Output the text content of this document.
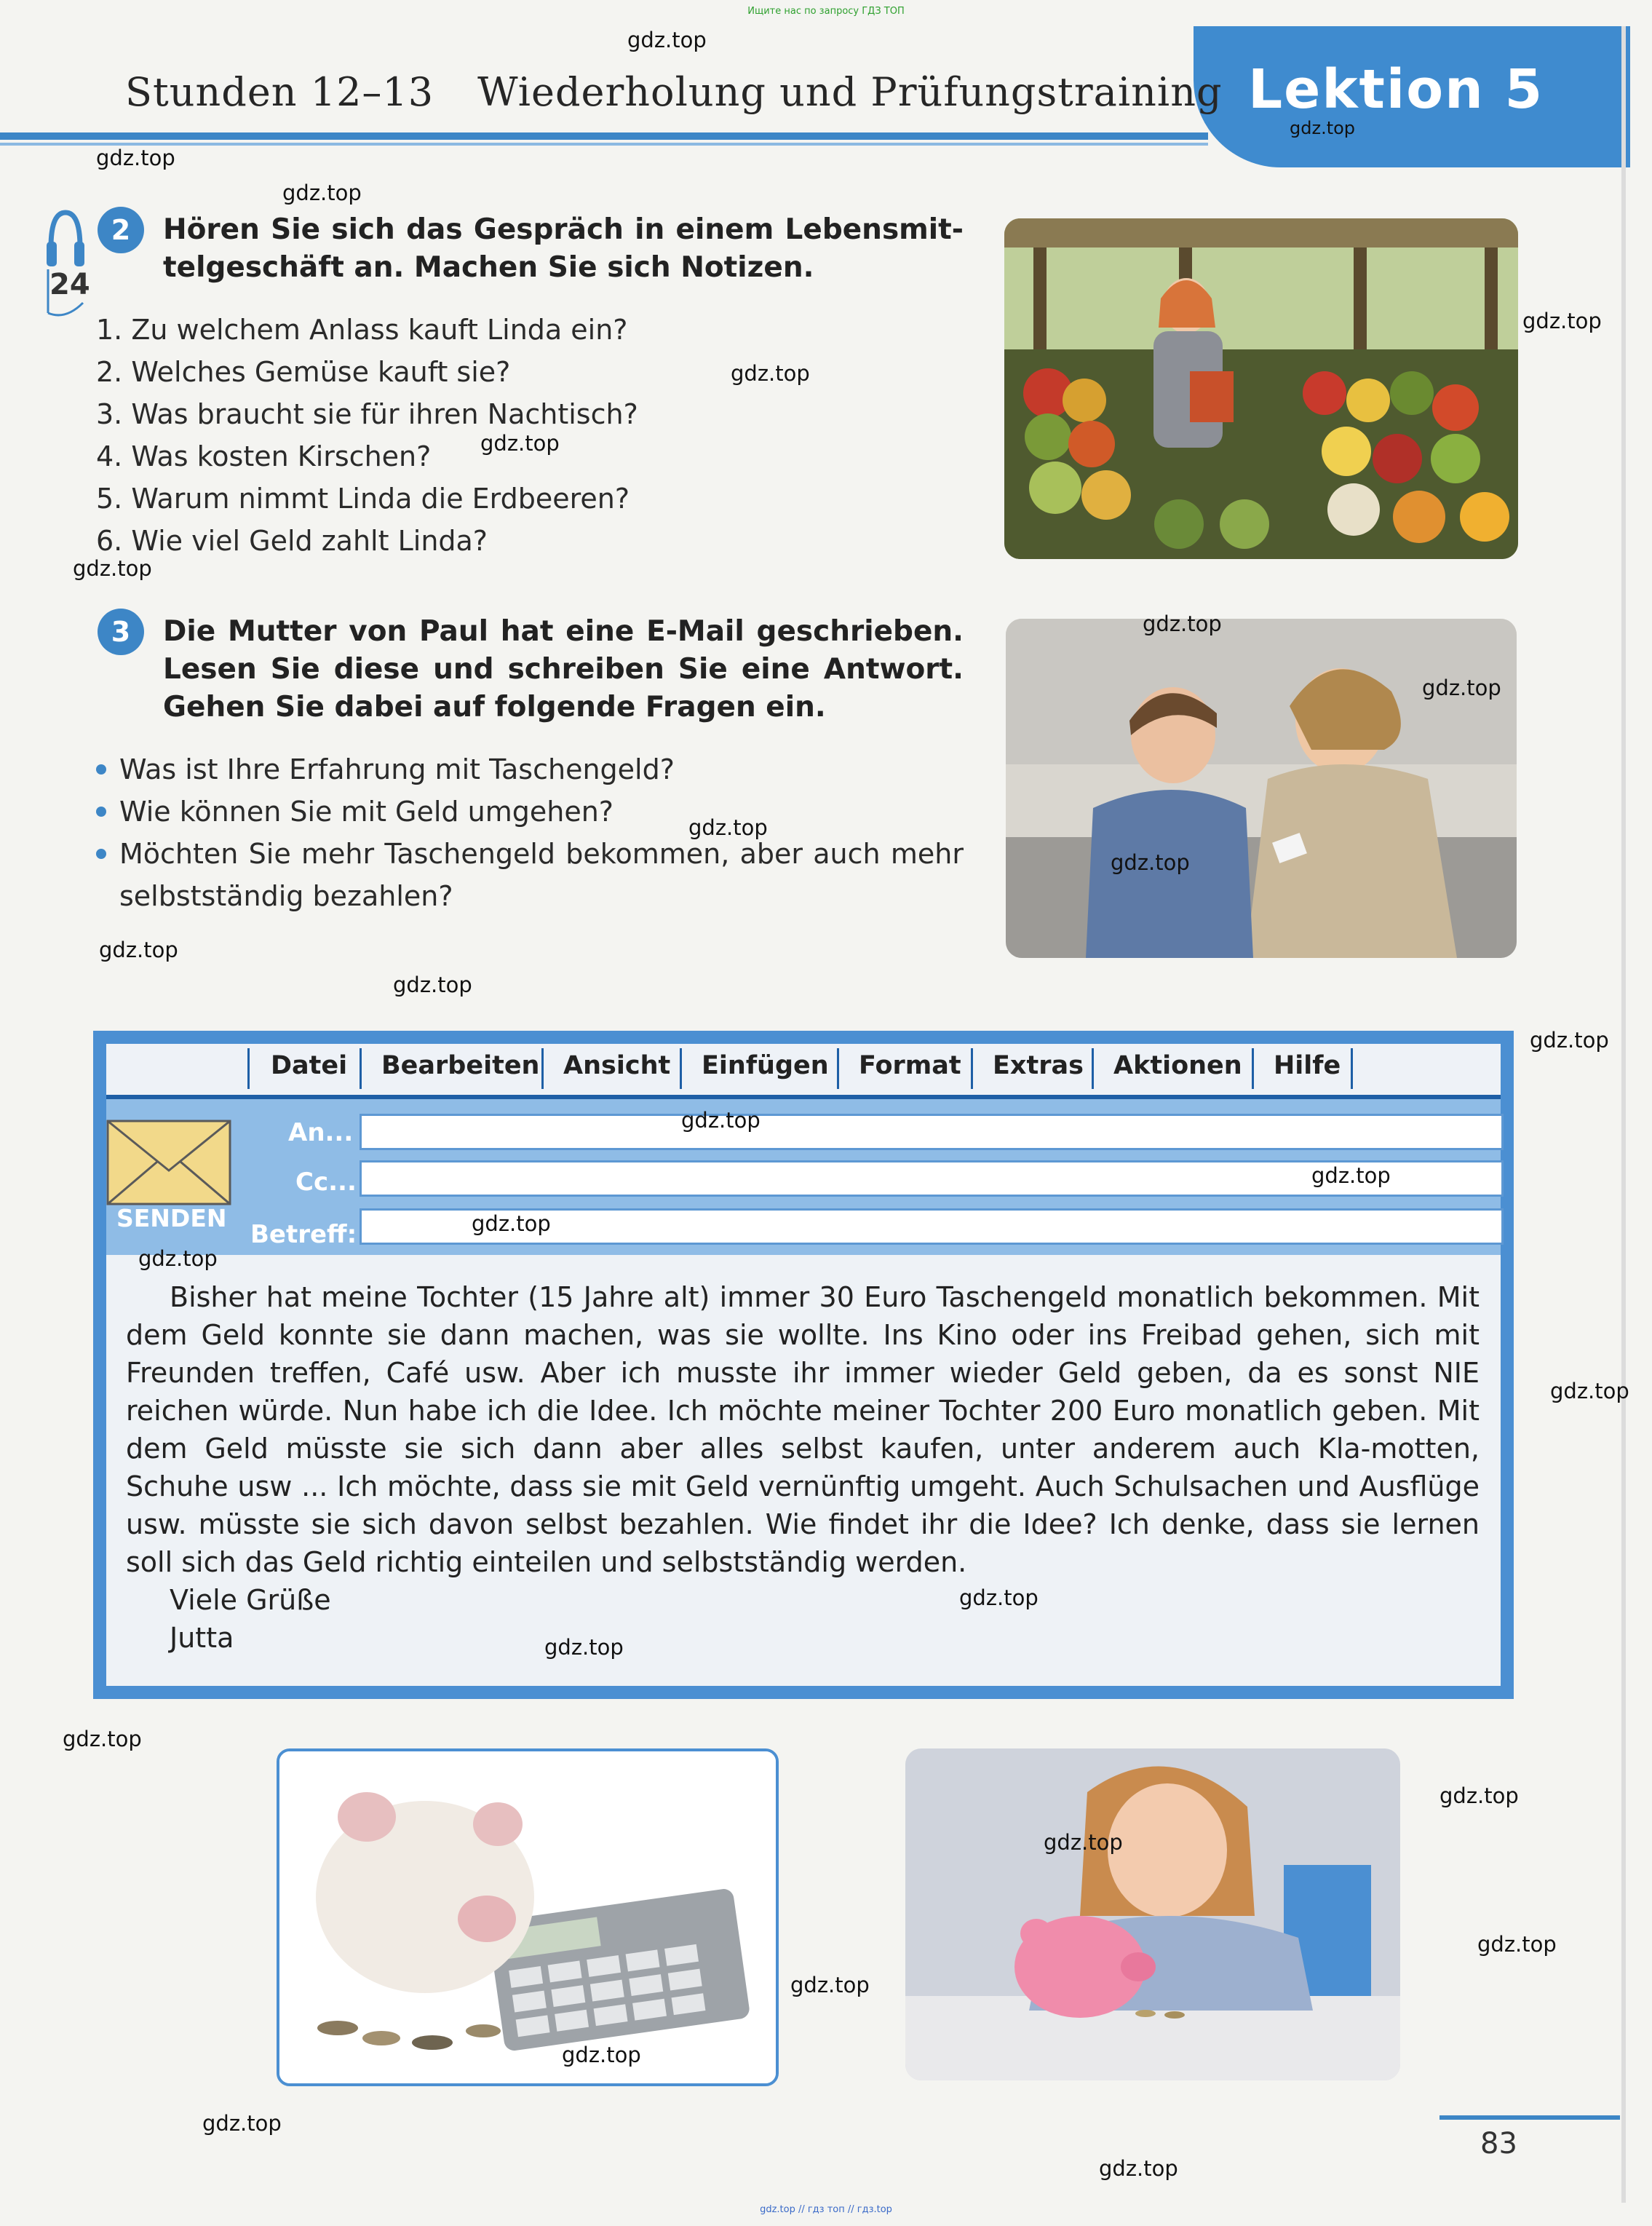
Ищите нас по запросу ГДЗ ТОП
gdz.top // гдз топ // гдз.top
Lektion 5
Stunden 12–13 Wiederholung und Prüfungstraining
24
2	Hören Sie sich das Gespräch in einem Lebensmit-
telgeschäft an. Machen Sie sich Notizen.
1. Zu welchem Anlass kauft Linda ein?
2. Welches Gemüse kauft sie?
3. Was braucht sie für ihren Nachtisch?
4. Was kosten Kirschen?
5. Warum nimmt Linda die Erdbeeren?
6. Wie viel Geld zahlt Linda?
3	Die Mutter von Paul hat eine E-Mail geschrieben.
Lesen Sie diese und schreiben Sie eine Antwort.
Gehen Sie dabei auf folgende Fragen ein.
Was ist Ihre Erfahrung mit Taschengeld?
Wie können Sie mit Geld umgehen?
Möchten Sie mehr Taschengeld bekommen, aber auch mehr selbstständig bezahlen?
Datei Bearbeiten Ansicht Einfügen Format Extras Aktionen Hilfe
SENDEN
An...
Cc...
Betreff:

Bisher hat meine Tochter (15 Jahre alt) immer 30 Euro Taschengeld monatlich bekommen. Mit dem Geld konnte sie dann machen, was sie wollte. Ins Kino oder ins Freibad gehen, sich mit Freunden treffen, Café usw. Aber ich musste ihr immer wieder Geld geben, da es sonst NIE reichen würde. Nun habe ich die Idee. Ich möchte meiner Tochter 200 Euro monatlich geben. Mit dem Geld müsste sie sich dann aber alles selbst kaufen, unter anderem auch Kla-motten, Schuhe usw ... Ich möchte, dass sie mit Geld vernünftig umgeht. Auch Schulsachen und Ausflüge usw. müsste sie sich davon selbst bezahlen. Wie findet ihr die Idee? Ich denke, dass sie lernen soll sich das Geld richtig einteilen und selbstständig werden.

Viele Grüße
Jutta
83
gdz.top
gdz.top
gdz.top
gdz.top
gdz.top
gdz.top
gdz.top
gdz.top
gdz.top
gdz.top
gdz.top
gdz.top
gdz.top
gdz.top
gdz.top
gdz.top
gdz.top
gdz.top
gdz.top
gdz.top
gdz.top
gdz.top
gdz.top
gdz.top
gdz.top
gdz.top
gdz.top
gdz.top
gdz.top
gdz.top
